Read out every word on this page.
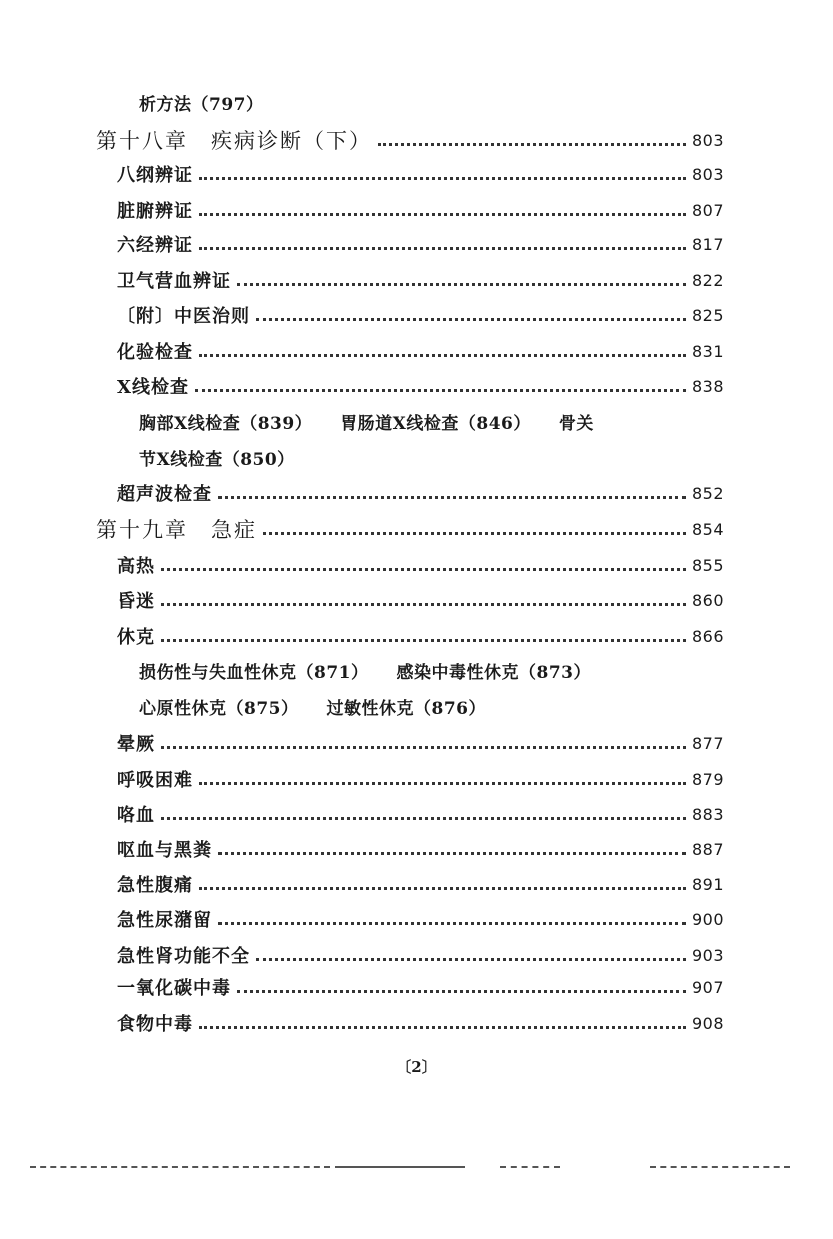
析方法（797）
第十八章　疾病诊断（下）	803
八纲辨证	803
脏腑辨证	807
六经辨证	817
卫气营血辨证	822
〔附〕中医治则	825
化验检查	831
X线检查	838
胸部X线检查（839） 胃肠道X线检查（846） 骨关
节X线检查（850）
超声波检查	852
第十九章　急症	854
高热	855
昏迷	860
休克	866
损伤性与失血性休克（871） 感染中毒性休克（873）
心原性休克（875） 过敏性休克（876）
晕厥	877
呼吸困难	879
咯血	883
呕血与黑粪	887
急性腹痛	891
急性尿潴留	900
急性肾功能不全	903
一氧化碳中毒	907
食物中毒	908
〔2〕
